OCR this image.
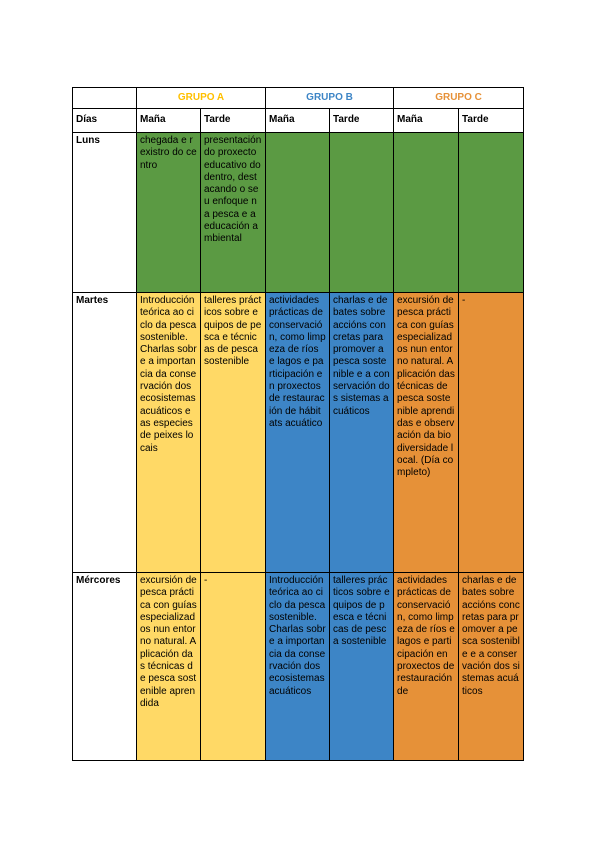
	GRUPO A		GRUPO B		GRUPO C	
Días	Maña	Tarde	Maña	Tarde	Maña	Tarde
Luns	chegada e rexistro do centro	presentación do proxecto educativo do dentro, destacando o seu enfoque na pesca e a educación ambiental				
Martes	Introducción teórica ao ciclo da pesca sostenible. Charlas sobre a importancia da conservación dos ecosistemas acuáticos e as especies de peixes locais	talleres prácticos sobre equipos de pesca e técnicas de pesca sostenible	actividades prácticas de conservación, como limpeza de ríos e lagos e participación en proxectos de restauración de hábitats acuático	charlas e debates sobre accións concretas para promover a pesca sostenible e a conservación dos sistemas acuáticos	excursión de pesca práctica con guías especializados nun entorno natural. Aplicación das técnicas de pesca sostenible aprendidas e observación da biodiversidade local. (Día completo)	-
Mércores	excursión de pesca práctica con guías especializados nun entorno natural. Aplicación das técnicas de pesca sostenible aprendida	-	Introducción teórica ao ciclo da pesca sostenible. Charlas sobre a importancia da conservación dos ecosistemas acuáticos	talleres prácticos sobre equipos de pesca e técnicas de pesca sostenible	actividades prácticas de conservación, como limpeza de ríos e lagos e participación en proxectos de restauración de	charlas e debates sobre accións concretas para promover a pesca sostenible e a conservación dos sistemas acuáticos
